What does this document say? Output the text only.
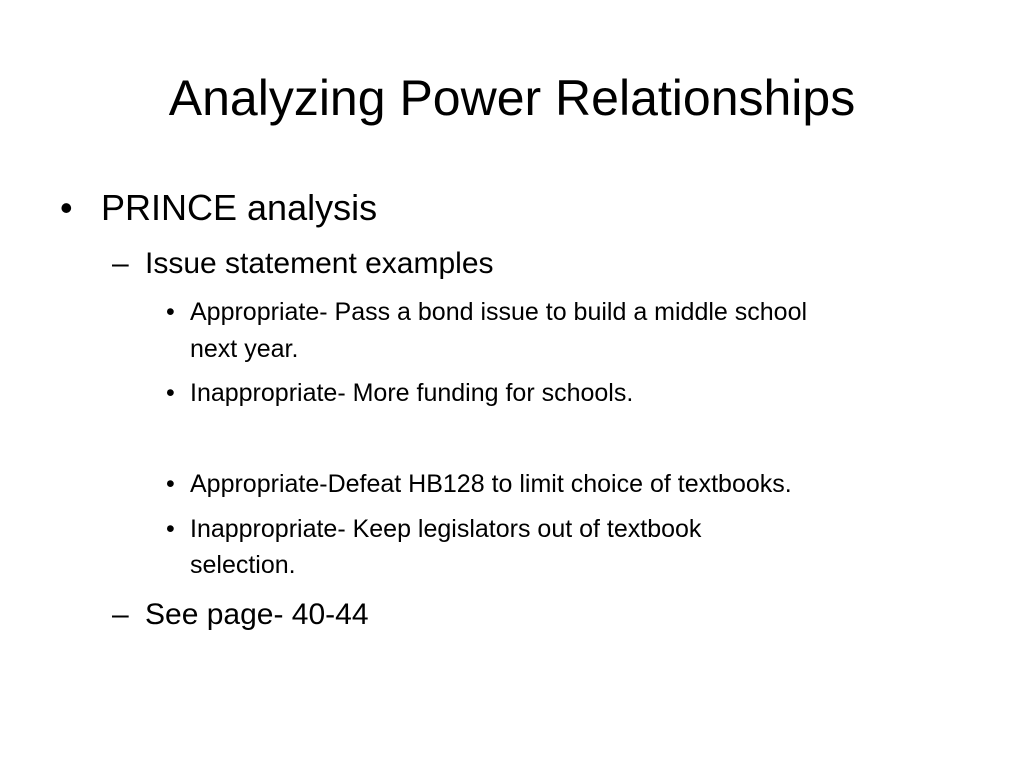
Analyzing Power Relationships
• PRINCE analysis
– Issue statement examples
• Appropriate- Pass a bond issue to build a middle school
next year.
• Inappropriate- More funding for schools.
• Appropriate-Defeat HB128 to limit choice of textbooks.
• Inappropriate- Keep legislators out of textbook
selection.
– See page- 40-44
